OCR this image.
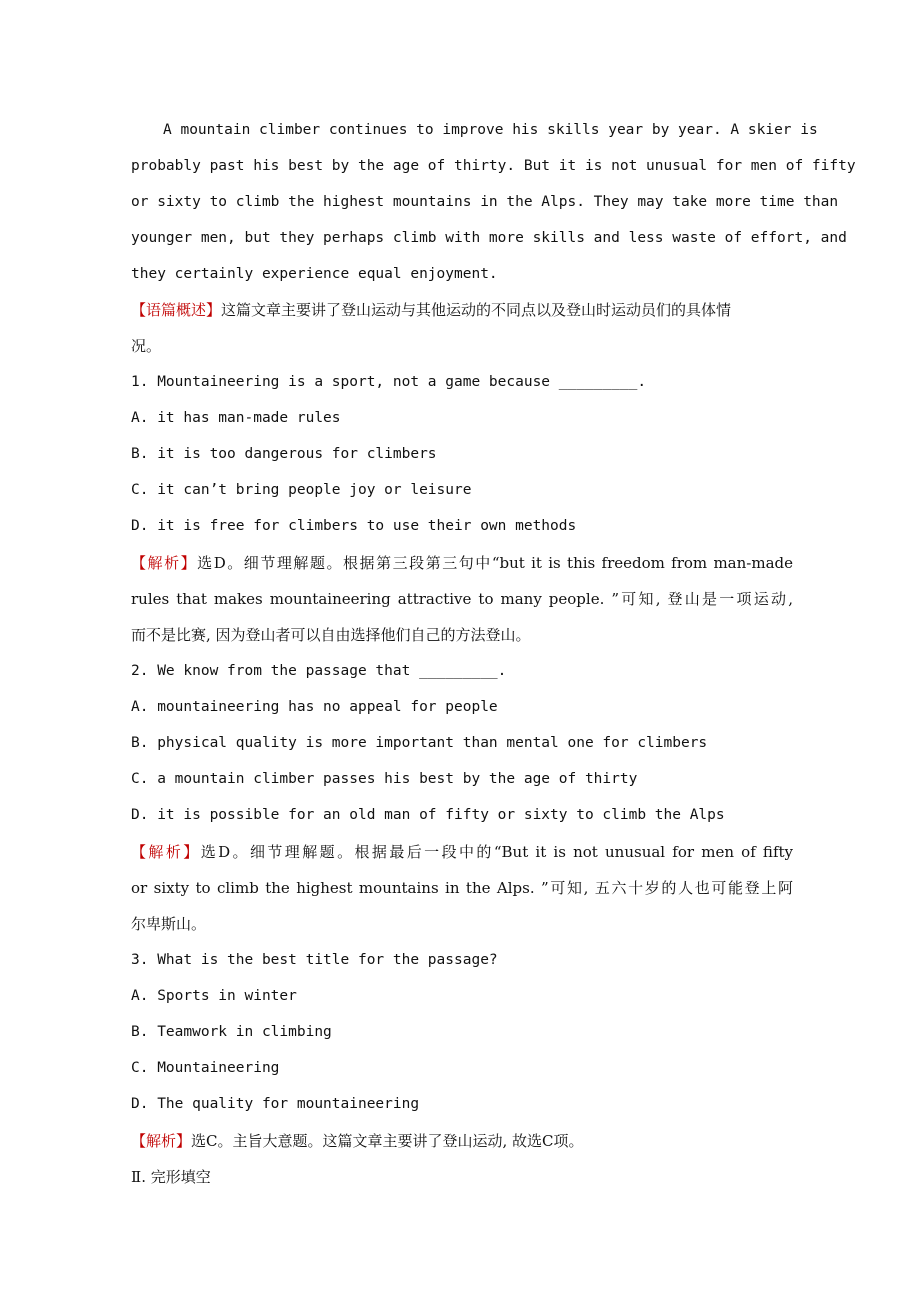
A mountain climber continues to improve his skills year by year. A skier is
probably past his best by the age of thirty. But it is not unusual for men of fifty
or sixty to climb the highest mountains in the Alps. They may take more time than
younger men, but they perhaps climb with more skills and less waste of effort, and
they certainly experience equal enjoyment.
【语篇概述】这篇文章主要讲了登山运动与其他运动的不同点以及登山时运动员们的具体情
况。
1. Mountaineering is a sport, not a game because _________.
A. it has man-made rules
B. it is too dangerous for climbers
C. it can’t bring people joy or leisure
D. it is free for climbers to use their own methods
【解析】选D。细节理解题。根据第三段第三句中“but it is this freedom from man-made
rules that makes mountaineering attractive to many people. ”可知, 登山是一项运动,
而不是比赛, 因为登山者可以自由选择他们自己的方法登山。
2. We know from the passage that _________.
A. mountaineering has no appeal for people
B. physical quality is more important than mental one for climbers
C. a mountain climber passes his best by the age of thirty
D. it is possible for an old man of fifty or sixty to climb the Alps
【解析】选D。细节理解题。根据最后一段中的“But it is not unusual for men of fifty
or sixty to climb the highest mountains in the Alps. ”可知, 五六十岁的人也可能登上阿
尔卑斯山。
3. What is the best title for the passage?
A. Sports in winter
B. Teamwork in climbing
C. Mountaineering
D. The quality for mountaineering
【解析】选C。主旨大意题。这篇文章主要讲了登山运动, 故选C项。
Ⅱ. 完形填空
